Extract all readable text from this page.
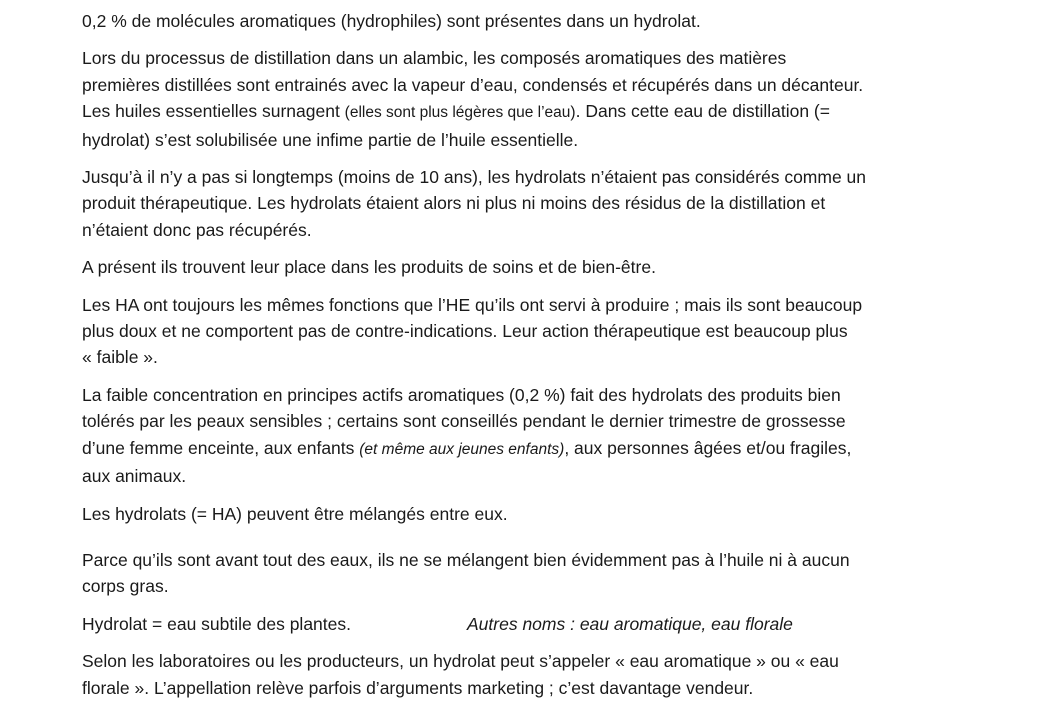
0,2 % de molécules aromatiques (hydrophiles) sont présentes dans un hydrolat.

Lors du processus de distillation dans un alambic, les composés aromatiques des matières
premières distillées sont entrainés avec la vapeur d’eau, condensés et récupérés dans un décanteur.
Les huiles essentielles surnagent (elles sont plus légères que l’eau). Dans cette eau de distillation (=
hydrolat) s’est solubilisée une infime partie de l’huile essentielle.

Jusqu’à il n’y a pas si longtemps (moins de 10 ans), les hydrolats n’étaient pas considérés comme un
produit thérapeutique. Les hydrolats étaient alors ni plus ni moins des résidus de la distillation et
n’étaient donc pas récupérés.

A présent ils trouvent leur place dans les produits de soins et de bien-être.

Les HA ont toujours les mêmes fonctions que l’HE qu’ils ont servi à produire ; mais ils sont beaucoup
plus doux et ne comportent pas de contre-indications. Leur action thérapeutique est beaucoup plus
« faible ».

La faible concentration en principes actifs aromatiques (0,2 %) fait des hydrolats des produits bien
tolérés par les peaux sensibles ; certains sont conseillés pendant le dernier trimestre de grossesse
d’une femme enceinte, aux enfants (et même aux jeunes enfants), aux personnes âgées et/ou fragiles,
aux animaux.

Les hydrolats (= HA) peuvent être mélangés entre eux.

Parce qu’ils sont avant tout des eaux, ils ne se mélangent bien évidemment pas à l’huile ni à aucun
corps gras.

Hydrolat = eau subtile des plantes.	Autres noms : eau aromatique, eau florale

Selon les laboratoires ou les producteurs, un hydrolat peut s’appeler « eau aromatique » ou « eau
florale ». L’appellation relève parfois d’arguments marketing ; c’est davantage vendeur.
